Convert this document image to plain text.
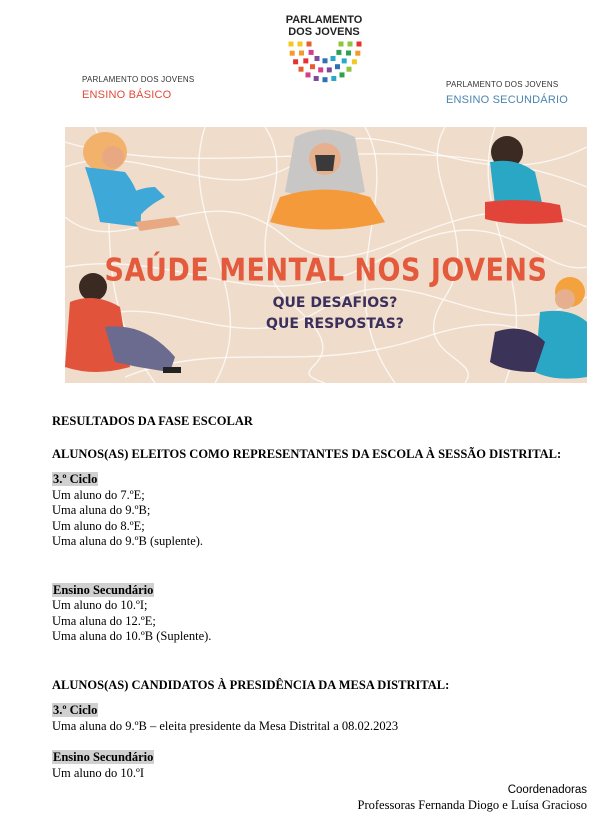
PARLAMENTO
DOS JOVENS
PARLAMENTO DOS JOVENS
ENSINO BÁSICO
PARLAMENTO DOS JOVENS
ENSINO SECUNDÁRIO
SAÚDE MENTAL NOS JOVENS
QUE DESAFIOS?
QUE RESPOSTAS?
RESULTADOS DA FASE ESCOLAR
ALUNOS(AS) ELEITOS COMO REPRESENTANTES DA ESCOLA À SESSÃO DISTRITAL:
3.º Ciclo
Um aluno do 7.ºE;
Uma aluna do 9.ºB;
Um aluno do 8.ºE;
Uma aluna do 9.ºB (suplente).
Ensino Secundário
Um aluno do 10.ºI;
Uma aluna do 12.ºE;
Uma aluna do 10.ºB (Suplente).
ALUNOS(AS) CANDIDATOS À PRESIDÊNCIA DA MESA DISTRITAL:
3.º Ciclo
Uma aluna do 9.ºB – eleita presidente da Mesa Distrital a 08.02.2023
Ensino Secundário
Um aluno do 10.ºI
Coordenadoras
Professoras Fernanda Diogo e Luísa Gracioso
